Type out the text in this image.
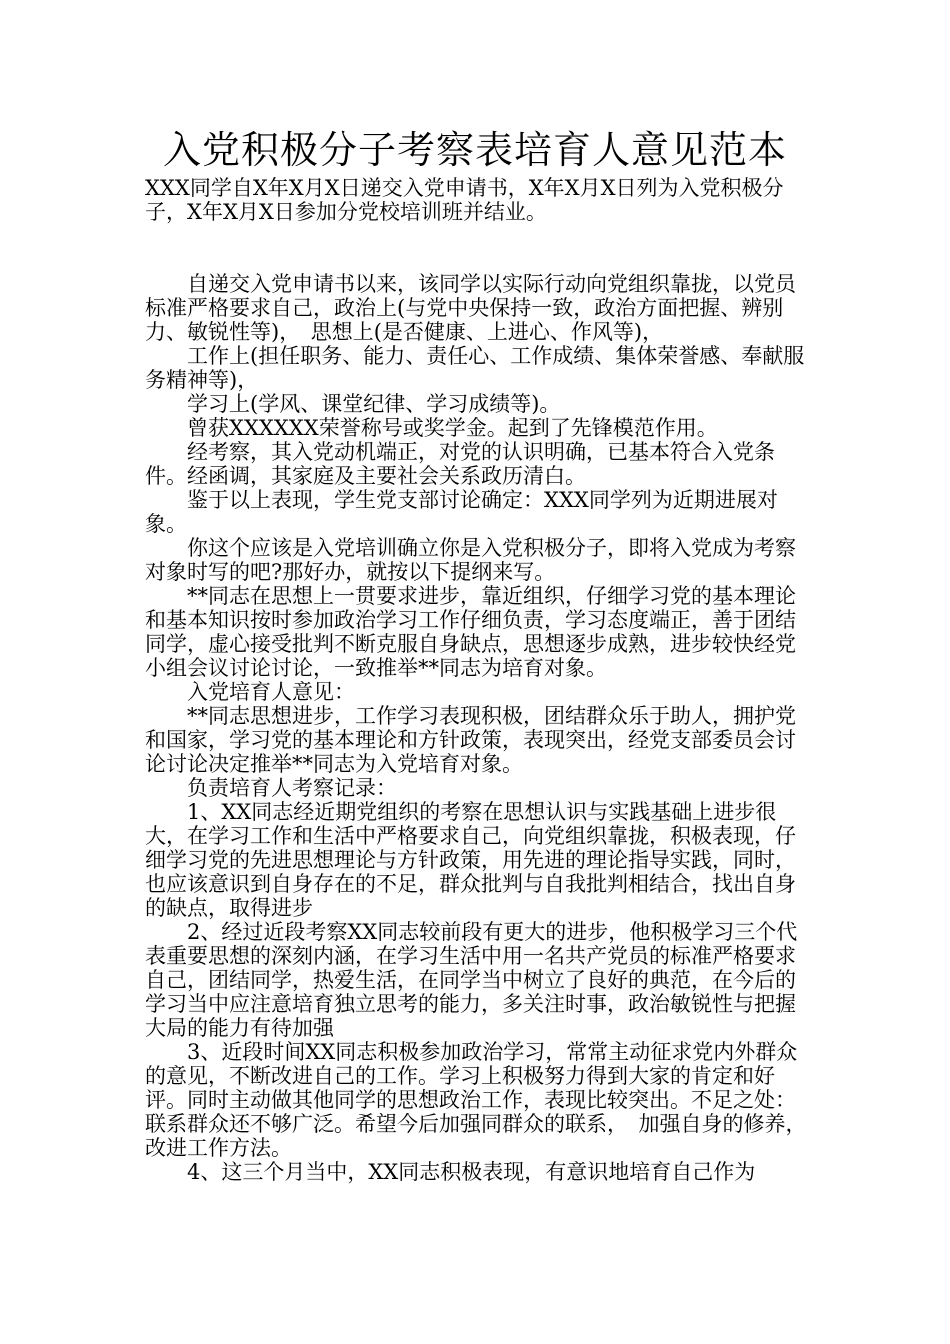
入党积极分子考察表培育人意见范本

XXX同学自X年X月X日递交入党申请书，X年X月X日列为入党积极分子，X年X月X日参加分党校培训班并结业。

自递交入党申请书以来，该同学以实际行动向党组织靠拢，以党员标准严格要求自己，政治上(与党中央保持一致，政治方面把握、辨别力、敏锐性等)，　思想上(是否健康、上进心、作风等)，

工作上(担任职务、能力、责任心、工作成绩、集体荣誉感、奉献服务精神等)，

学习上(学风、课堂纪律、学习成绩等)。

曾获XXXXXX荣誉称号或奖学金。起到了先锋模范作用。

经考察，其入党动机端正，对党的认识明确，已基本符合入党条件。经函调，其家庭及主要社会关系政历清白。

鉴于以上表现，学生党支部讨论确定：XXX同学列为近期进展对象。

你这个应该是入党培训确立你是入党积极分子，即将入党成为考察对象时写的吧?那好办，就按以下提纲来写。

**同志在思想上一贯要求进步，靠近组织，仔细学习党的基本理论和基本知识按时参加政治学习工作仔细负责，学习态度端正，善于团结同学，虚心接受批判不断克服自身缺点，思想逐步成熟，进步较快经党小组会议讨论讨论，一致推举**同志为培育对象。

入党培育人意见：

**同志思想进步，工作学习表现积极，团结群众乐于助人，拥护党和国家，学习党的基本理论和方针政策，表现突出，经党支部委员会讨论讨论决定推举**同志为入党培育对象。

负责培育人考察记录：

1、XX同志经近期党组织的考察在思想认识与实践基础上进步很大，在学习工作和生活中严格要求自己，向党组织靠拢，积极表现，仔细学习党的先进思想理论与方针政策，用先进的理论指导实践，同时，也应该意识到自身存在的不足，群众批判与自我批判相结合，找出自身的缺点，取得进步

2、经过近段考察XX同志较前段有更大的进步，他积极学习三个代表重要思想的深刻内涵，在学习生活中用一名共产党员的标准严格要求自己，团结同学，热爱生活，在同学当中树立了良好的典范，在今后的学习当中应注意培育独立思考的能力，多关注时事，政治敏锐性与把握大局的能力有待加强

3、近段时间XX同志积极参加政治学习，常常主动征求党内外群众的意见，不断改进自己的工作。学习上积极努力得到大家的肯定和好评。同时主动做其他同学的思想政治工作，表现比较突出。不足之处：联系群众还不够广泛。希望今后加强同群众的联系，　加强自身的修养，改进工作方法。

4、这三个月当中，XX同志积极表现，有意识地培育自己作为
